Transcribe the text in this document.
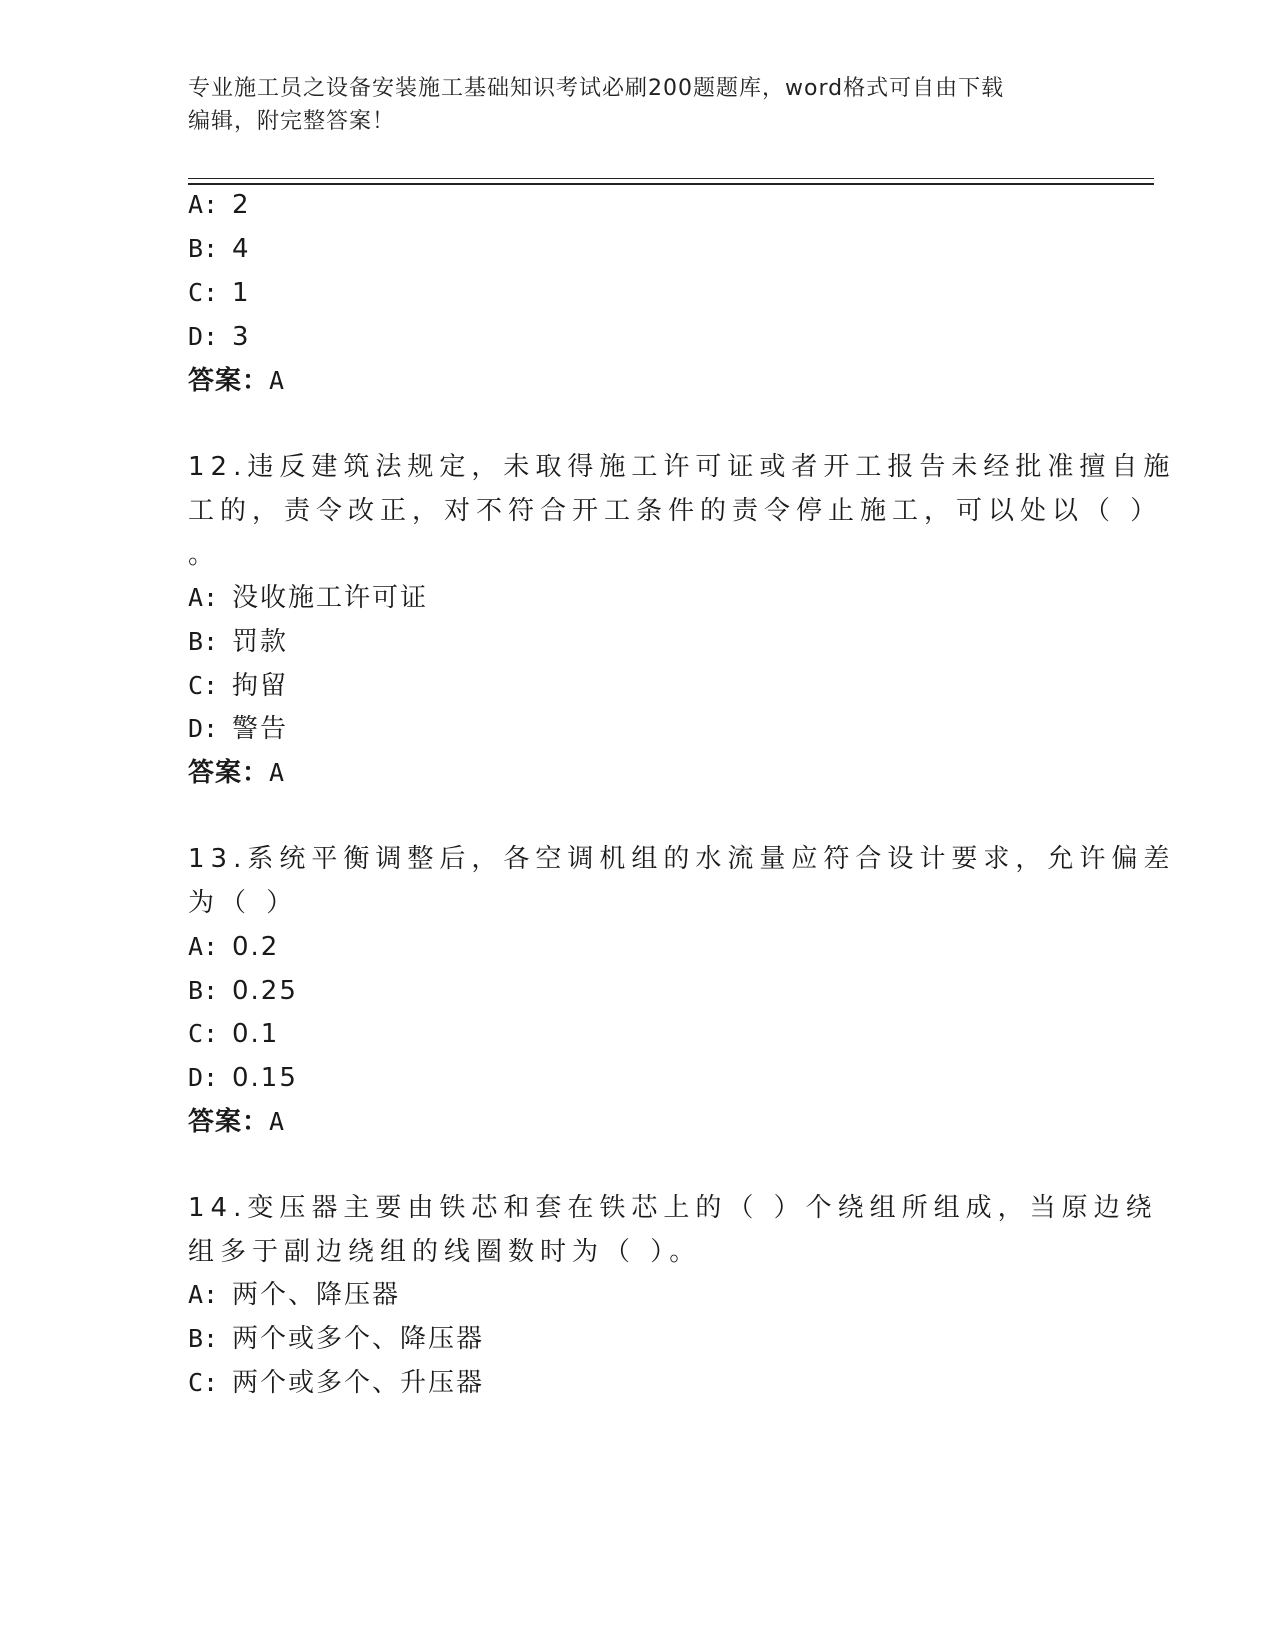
专业施工员之设备安装施工基础知识考试必刷200题题库，word格式可自由下载
编辑，附完整答案！
A: 2
B: 4
C: 1
D: 3
答案：A
12.违反建筑法规定，未取得施工许可证或者开工报告未经批准擅自施
工的，责令改正，对不符合开工条件的责令停止施工，可以处以（ ）
。
A: 没收施工许可证
B: 罚款
C: 拘留
D: 警告
答案：A
13.系统平衡调整后，各空调机组的水流量应符合设计要求，允许偏差
为（ ）
A: 0.2
B: 0.25
C: 0.1
D: 0.15
答案：A
14.变压器主要由铁芯和套在铁芯上的（ ）个绕组所组成，当原边绕
组多于副边绕组的线圈数时为（ ）。
A: 两个、降压器
B: 两个或多个、降压器
C: 两个或多个、升压器
